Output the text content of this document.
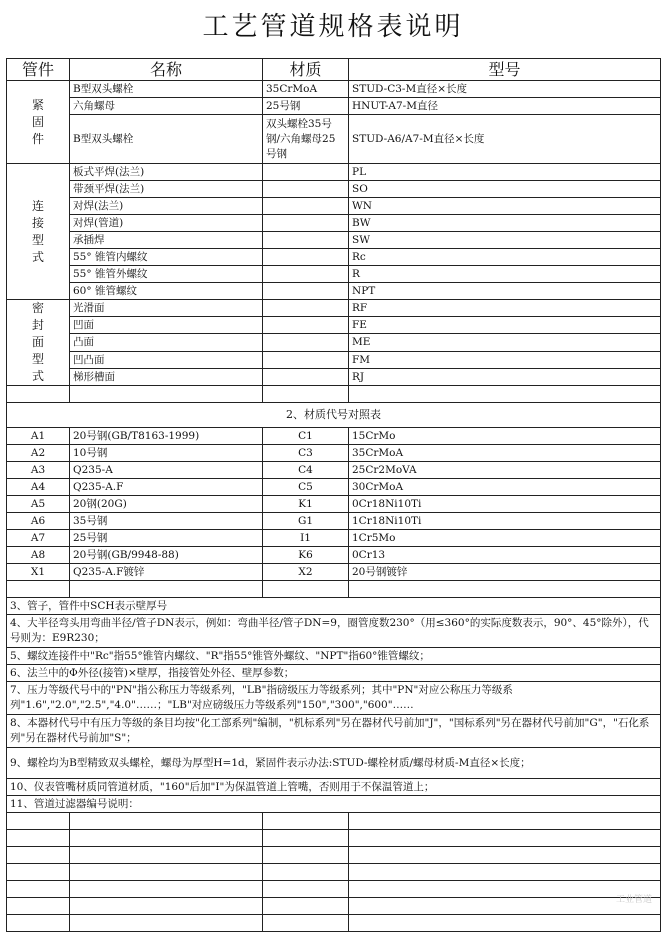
工艺管道规格表说明
管件	名称	材质	型号

紧
固
件	B型双头螺栓	35CrMoA	STUD-C3-M直径×长度
	六角螺母	25号钢	HNUT-A7-M直径
	B型双头螺栓	双头螺栓35号钢/六角螺母25号钢	STUD-A6/A7-M直径×长度

连
接
型
式	板式平焊(法兰)		PL
	带颈平焊(法兰)		SO
	对焊(法兰)		WN
	对焊(管道)		BW
	承插焊		SW
	55° 锥管内螺纹		Rc
	55° 锥管外螺纹		R
	60° 锥管螺纹		NPT

密
封
面
型
式	光滑面		RF
	凹面		FE
	凸面		ME
	凹凸面		FM
	梯形槽面		RJ

2、材质代号对照表			
A1	20号钢(GB/T8163-1999)	C1	15CrMo
A2	10号钢	C3	35CrMoA
A3	Q235-A	C4	25Cr2MoVA
A4	Q235-A.F	C5	30CrMoA
A5	20钢(20G)	K1	0Cr18Ni10Ti
A6	35号钢	G1	1Cr18Ni10Ti
A7	25号钢	I1	1Cr5Mo
A8	20号钢(GB/9948-88)	K6	0Cr13
X1	Q235-A.F镀锌	X2	20号钢镀锌

3、管子，管件中SCH表示壁厚号			
4、大半径弯头用弯曲半径/管子DN表示，例如：弯曲半径/管子DN=9，圈管度数230°（用≤360°的实际度数表示，90°、45°除外），代号则为：E9R230；			
5、螺纹连接件中"Rc"指55°锥管内螺纹、"R"指55°锥管外螺纹、"NPT"指60°锥管螺纹；			
6、法兰中的Φ外径(接管)×壁厚，指接管处外径、壁厚参数；			
7、压力等级代号中的"PN"指公称压力等级系列，"LB"指磅级压力等级系列；其中"PN"对应公称压力等级系列"1.6","2.0","2.5","4.0"……；"LB"对应磅级压力等级系列"150","300","600"……			
8、本器材代号中有压力等级的条目均按"化工部系列"编制，"机标系列"另在器材代号前加"J"，"国标系列"另在器材代号前加"G"，"石化系列"另在器材代号前加"S"；			
9、螺栓均为B型精致双头螺栓，螺母为厚型H=1d，紧固件表示办法:STUD-螺栓材质/螺母材质-M直径×长度；			
10、仪表管嘴材质同管道材质，"160"后加"I"为保温管道上管嘴，否则用于不保温管道上；			
11、管道过滤器编号说明：			

工业管道
